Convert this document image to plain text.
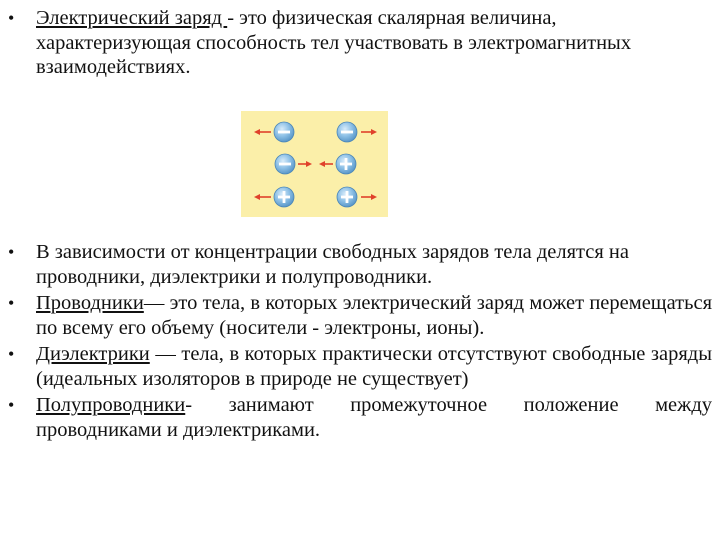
• Электрический заряд - это физическая скалярная величина, характеризующая способность тел участвовать в электромагнитных взаимодействиях.
• В зависимости от концентрации свободных зарядов тела делятся на проводники, диэлектрики и полупроводники.
• Проводники— это тела, в которых электрический заряд может перемещаться по всему его объему (носители - электроны, ионы).
• Диэлектрики — тела, в которых практически отсутствуют свободные заряды (идеальных изоляторов в природе не существует)
• Полупроводники- занимают промежуточное положение между проводниками и диэлектриками.
